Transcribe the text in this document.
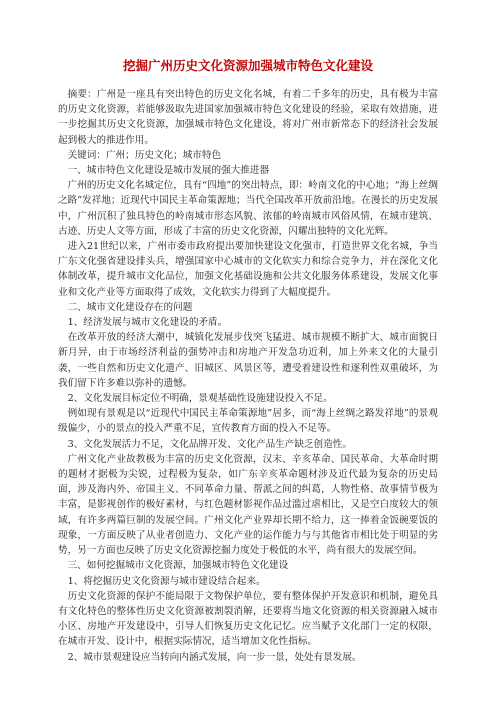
挖掘广州历史文化资源加强城市特色文化建设

摘要：广州是一座具有突出特色的历史文化名城，有着二千多年的历史，具有极为丰富的历史文化资源，若能够汲取先进国家加强城市特色文化建设的经验，采取有效措施，进一步挖掘其历史文化资源，加强城市特色文化建设，将对广州市新常态下的经济社会发展起到极大的推进作用。

关键词：广州；历史文化；城市特色

一、城市特色文化建设是城市发展的强大推进器

广州的历史文化名城定位，具有“四地”的突出特点，即：岭南文化的中心地；“海上丝绸之路”发祥地；近现代中国民主革命策源地；当代全国改革开放前沿地。在漫长的历史发展中，广州沉积了独具特色的岭南城市形态风貌、浓郁的岭南城市风俗风情，在城市建筑、古迹、历史人文等方面，形成了丰富的历史文化资源，闪耀出独特的文化光辉。

进入21世纪以来，广州市委市政府提出要加快建设文化强市，打造世界文化名城，争当广东文化强省建设排头兵，增强国家中心城市的文化软实力和综合竞争力，并在深化文化体制改革，提升城市文化品位，加强文化基础设施和公共文化服务体系建设，发展文化事业和文化产业等方面取得了成效，文化软实力得到了大幅度提升。

二、城市文化建设存在的问题

1、经济发展与城市文化建设的矛盾。

在改革开放的经济大潮中，城镇化发展步伐突飞猛进、城市规模不断扩大、城市面貌日新月异，由于市场经济利益的强势冲击和房地产开发急功近利，加上外来文化的大量引袭，一些自然和历史文化遗产、旧城区、风景区等，遭受着建设性和逐利性双重破坏，为我们留下许多难以弥补的遗憾。

2、文化发展目标定位不明确，景观基础性设施建设投入不足。

例如现有景观是以“近现代中国民主革命策源地”居多，而“海上丝绸之路发祥地”的景观级偏少，小的景点的投入严重不足，宣传教育方面的投入不足等。

3、文化发展活力不足，文化品牌开发、文化产品生产缺乏创造性。

广州文化产业故教极为丰富的历史文化资源，汉末、辛亥革命、国民革命、大革命时期的题材才据极为尖锐，过程极为复杂，如广东辛亥革命题材涉及近代最为复杂的历史局面，涉及海内外、帝国主义、不同革命力量、帮派之间的纠葛，人物性格、故事情节极为丰富，是影视创作的极好素材，与红色题材影视作品过滥过虐相比，又是空白度较大的领域，有许多两篇巨制的发展空间。广州文化产业界却长期不给力，这一捧着金饭碗要饭的现象，一方面反映了从业者创造力、文化产业的运作能力与与其他省市相比处于明显的劣势，另一方面也反映了历史文化资源挖掘力度处于极低的水平，尚有很大的发展空间。

三、如何挖掘城市文化资源，加强城市特色文化建设

1、将挖掘历史文化资源与城市建设结合起来。

历史文化资源的保护不能局限于文物保护单位，要有整体保护开发意识和机制，避免具有文化特色的整体性历史文化资源被割裂消解，还要将当地文化资源的相关资源融入城市小区、房地产开发建设中，引导人们恢复历史文化记忆。应当赋予文化部门一定的权限，在城市开发、设计中，根据实际情况，适当增加文化性指标。

2、城市景观建设应当转向内涵式发展，向一步一景，处处有景发展。
